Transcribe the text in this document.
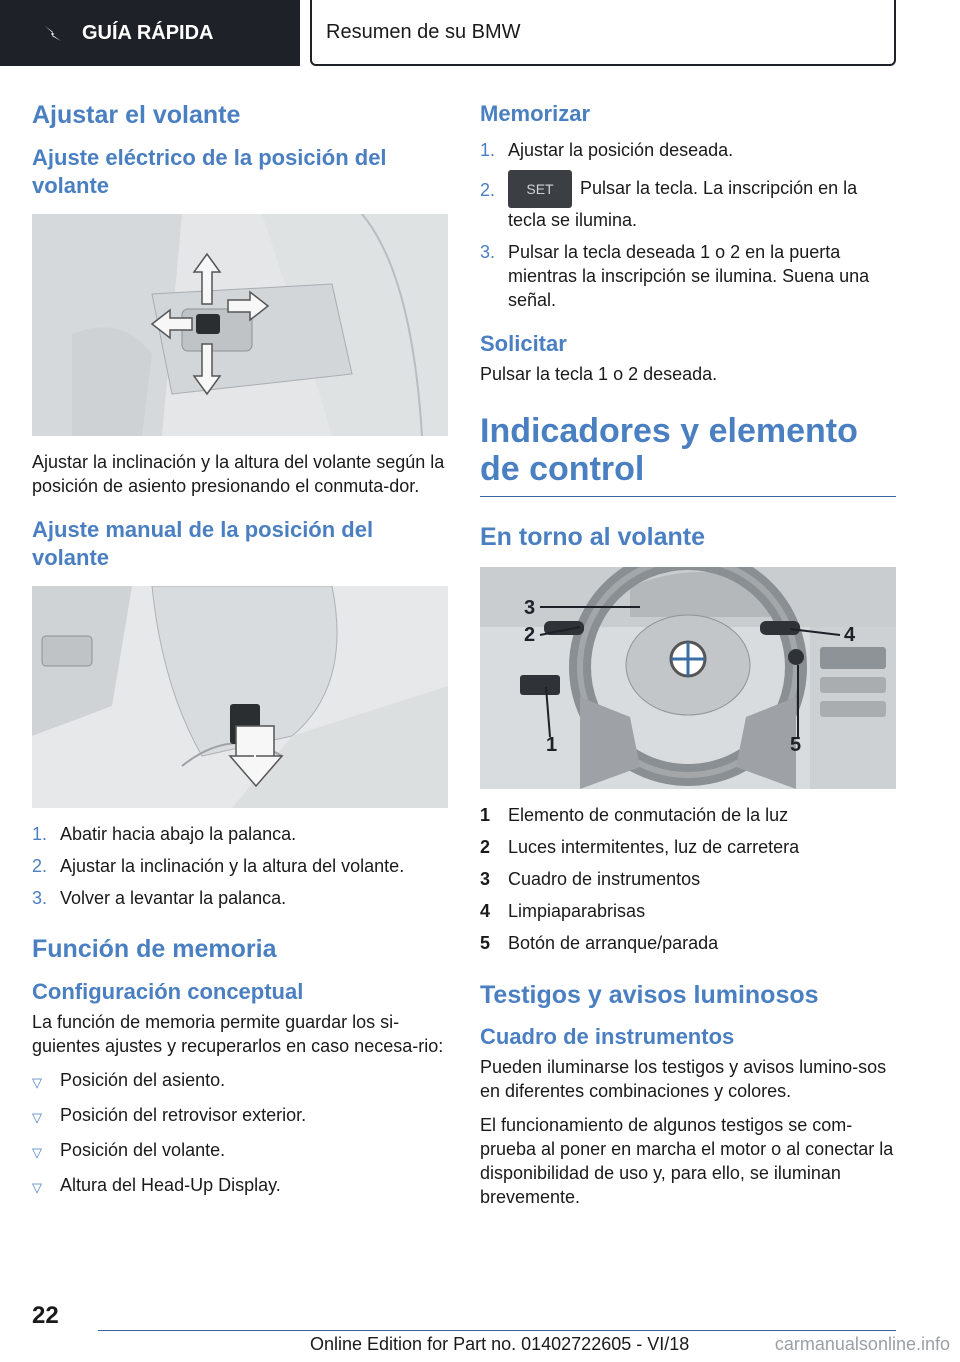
GUÍA RÁPIDA	Resumen de su BMW
Ajustar el volante
Ajuste eléctrico de la posición del volante

Ajustar la inclinación y la altura del volante según la posición de asiento presionando el conmuta-dor.

Ajuste manual de la posición del volante
1. Abatir hacia abajo la palanca.
2. Ajustar la inclinación y la altura del volante.
3. Volver a levantar la palanca.
Función de memoria
Configuración conceptual

La función de memoria permite guardar los si-guientes ajustes y recuperarlos en caso necesa-rio:

▽	Posición del asiento.
▽	Posición del retrovisor exterior.
▽	Posición del volante.
▽	Altura del Head-Up Display.
Memorizar
1. Ajustar la posición deseada.
2.	SET Pulsar la tecla. La inscripción en la tecla se ilumina.
3. Pulsar la tecla deseada 1 o 2 en la puerta mientras la inscripción se ilumina. Suena una señal.
Solicitar

Pulsar la tecla 1 o 2 deseada.

Indicadores y elemento de control
En torno al volante
1
2
3
4
5
1 Elemento de conmutación de la luz
2 Luces intermitentes, luz de carretera
3 Cuadro de instrumentos
4 Limpiaparabrisas
5 Botón de arranque/parada
Testigos y avisos luminosos
Cuadro de instrumentos

Pueden iluminarse los testigos y avisos lumino-sos en diferentes combinaciones y colores.

El funcionamiento de algunos testigos se com-prueba al poner en marcha el motor o al conectar la disponibilidad de uso y, para ello, se iluminan brevemente.

22
Online Edition for Part no. 01402722605 - VI/18	carmanualsonline.info
